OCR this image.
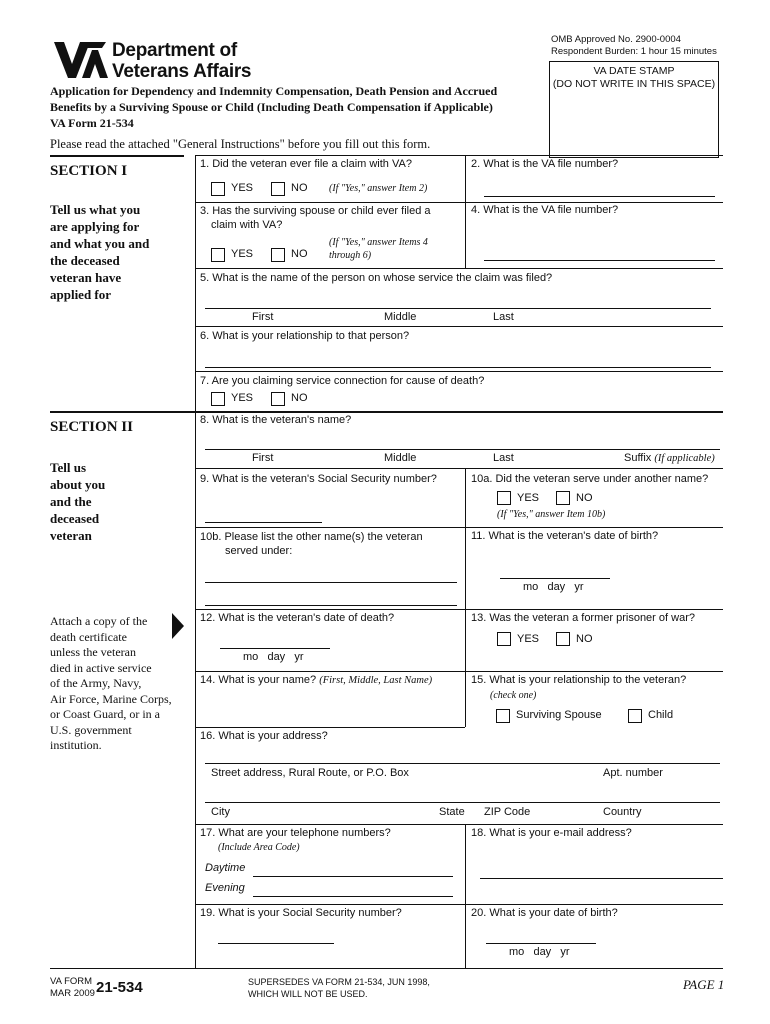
Department of
Veterans Affairs
OMB Approved No. 2900-0004
Respondent Burden: 1 hour 15 minutes
VA DATE STAMP
(DO NOT WRITE IN THIS SPACE)
Application for Dependency and Indemnity Compensation, Death Pension and Accrued
Benefits by a Surviving Spouse or Child (Including Death Compensation if Applicable)
VA Form 21-534
Please read the attached "General Instructions" before you fill out this form.
SECTION I
Tell us what you
are applying for
and what you and
the deceased
veteran have
applied for
1. Did the veteran ever file a claim with VA?
YES	NO (If "Yes," answer Item 2)
2. What is the VA file number?
3. Has the surviving spouse or child ever filed a
claim with VA?
YES	NO
(If "Yes," answer Items 4
through 6)
4. What is the VA file number?
5. What is the name of the person on whose service the claim was filed?
First	Middle	Last
6. What is your relationship to that person?
7. Are you claiming service connection for cause of death?
YES	NO
SECTION II
Tell us
about you
and the
deceased
veteran
Attach a copy of the
death certificate
unless the veteran
died in active service
of the Army, Navy,
Air Force, Marine Corps,
or Coast Guard, or in a
U.S. government
institution.
8. What is the veteran's name?
First	Middle	Last	Suffix (If applicable)
9. What is the veteran's Social Security number?	10a. Did the veteran serve under another name?
YES	NO
(If "Yes," answer Item 10b)
10b. Please list the other name(s) the veteran
served under:
11. What is the veteran's date of birth?
mo   day   yr
12. What is the veteran's date of death?
mo   day   yr
13. Was the veteran a former prisoner of war?
YES	NO
14. What is your name? (First, Middle, Last Name)	15. What is your relationship to the veteran?
(check one)
Surviving Spouse	Child
16. What is your address?
Street address, Rural Route, or P.O. Box	Apt. number
City	State ZIP Code	Country
17. What are your telephone numbers?
(Include Area Code)
Daytime
Evening
18. What is your e-mail address?
19. What is your Social Security number?	20. What is your date of birth?
mo   day   yr
VA FORM
MAR 2009 21-534	SUPERSEDES VA FORM 21-534, JUN 1998,
WHICH WILL NOT BE USED.
PAGE 1
